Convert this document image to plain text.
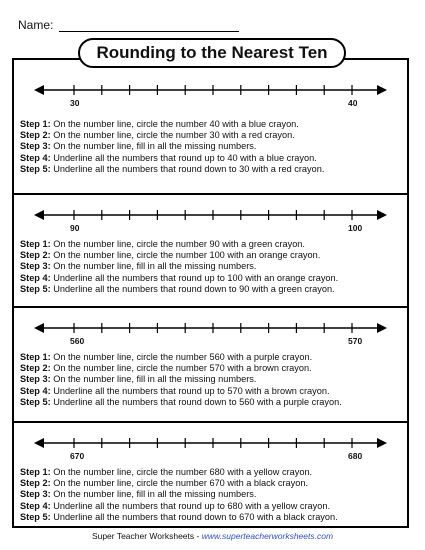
Name:
Rounding to the Nearest Ten
30	40
Step 1: On the number line, circle the number 40 with a blue crayon.
Step 2: On the number line, circle the number 30 with a red crayon.
Step 3: On the number line, fill in all the missing numbers.
Step 4: Underline all the numbers that round up to 40 with a blue crayon.
Step 5: Underline all the numbers that round down to 30 with a red crayon.
90	100
Step 1: On the number line, circle the number 90 with a green crayon.
Step 2: On the number line, circle the number 100 with an orange crayon.
Step 3: On the number line, fill in all the missing numbers.
Step 4: Underline all the numbers that round up to 100 with an orange crayon.
Step 5: Underline all the numbers that round down to 90 with a green crayon.
560	570
Step 1: On the number line, circle the number 560 with a purple crayon.
Step 2: On the number line, circle the number 570 with a brown crayon.
Step 3: On the number line, fill in all the missing numbers.
Step 4: Underline all the numbers that round up to 570 with a brown crayon.
Step 5: Underline all the numbers that round down to 560 with a purple crayon.
670	680
Step 1: On the number line, circle the number 680 with a yellow crayon.
Step 2: On the number line, circle the number 670 with a black crayon.
Step 3: On the number line, fill in all the missing numbers.
Step 4: Underline all the numbers that round up to 680 with a yellow crayon.
Step 5: Underline all the numbers that round down to 670 with a black crayon.
Super Teacher Worksheets - www.superteacherworksheets.com
